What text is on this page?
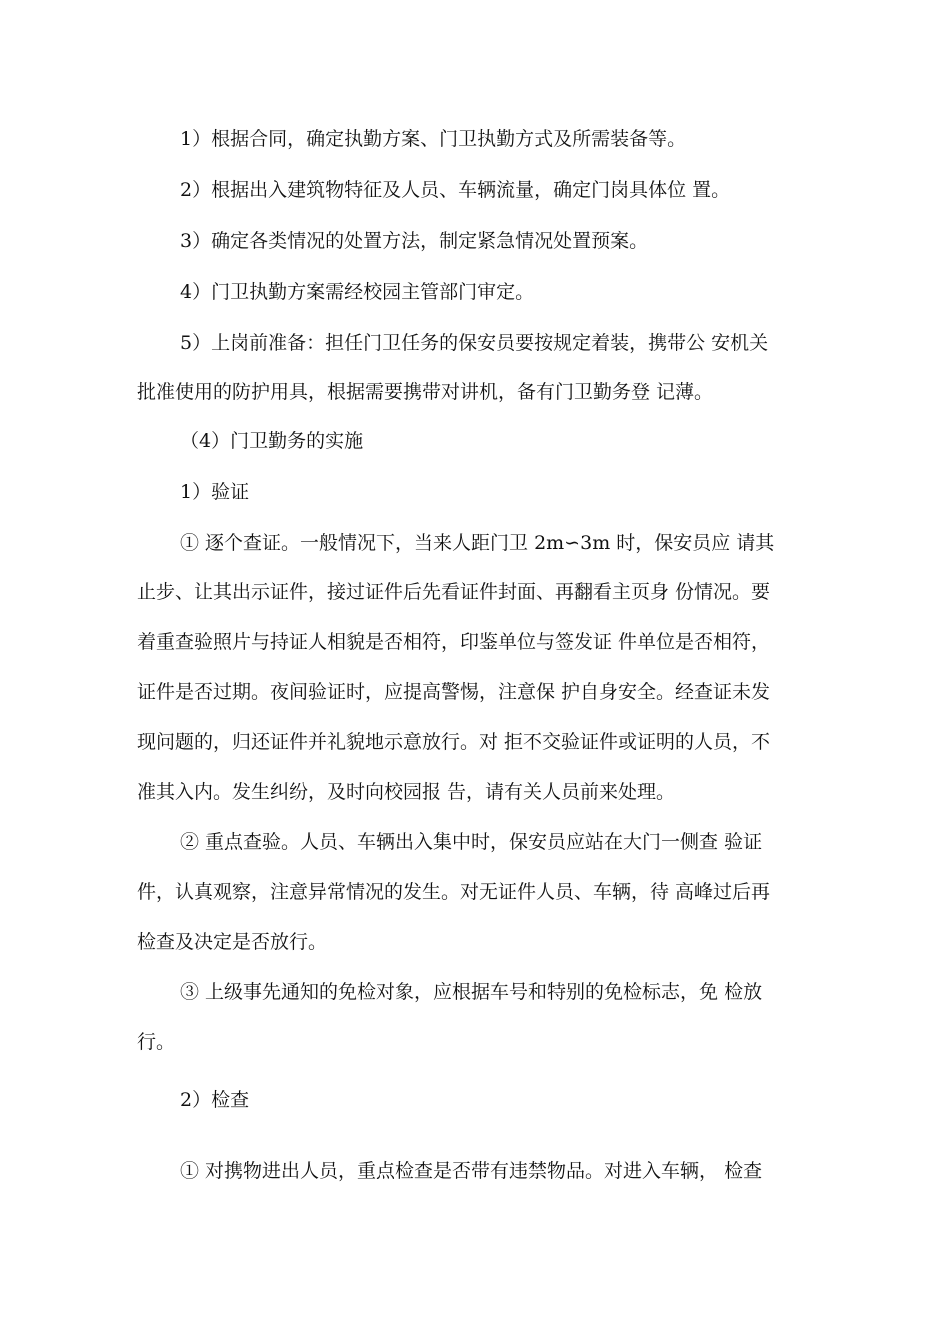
1）根据合同，确定执勤方案、门卫执勤方式及所需装备等。
2）根据出入建筑物特征及人员、车辆流量，确定门岗具体位 置。
3）确定各类情况的处置方法，制定紧急情况处置预案。
4）门卫执勤方案需经校园主管部门审定。
5）上岗前准备：担任门卫任务的保安员要按规定着装，携带公 安机关
批准使用的防护用具，根据需要携带对讲机，备有门卫勤务登 记薄。
（4）门卫勤务的实施
1）验证
① 逐个查证。一般情况下，当来人距门卫 2m∽3m 时，保安员应 请其
止步、让其出示证件，接过证件后先看证件封面、再翻看主页身 份情况。要
着重查验照片与持证人相貌是否相符，印鉴单位与签发证 件单位是否相符，
证件是否过期。夜间验证时，应提高警惕，注意保 护自身安全。经查证未发
现问题的，归还证件并礼貌地示意放行。对 拒不交验证件或证明的人员，不
准其入内。发生纠纷，及时向校园报 告，请有关人员前来处理。
② 重点查验。人员、车辆出入集中时，保安员应站在大门一侧查 验证
件，认真观察，注意异常情况的发生。对无证件人员、车辆，待 高峰过后再
检查及决定是否放行。
③ 上级事先通知的免检对象，应根据车号和特别的免检标志，免 检放
行。
2）检查
① 对携物进出人员，重点检查是否带有违禁物品。对进入车辆， 检查
